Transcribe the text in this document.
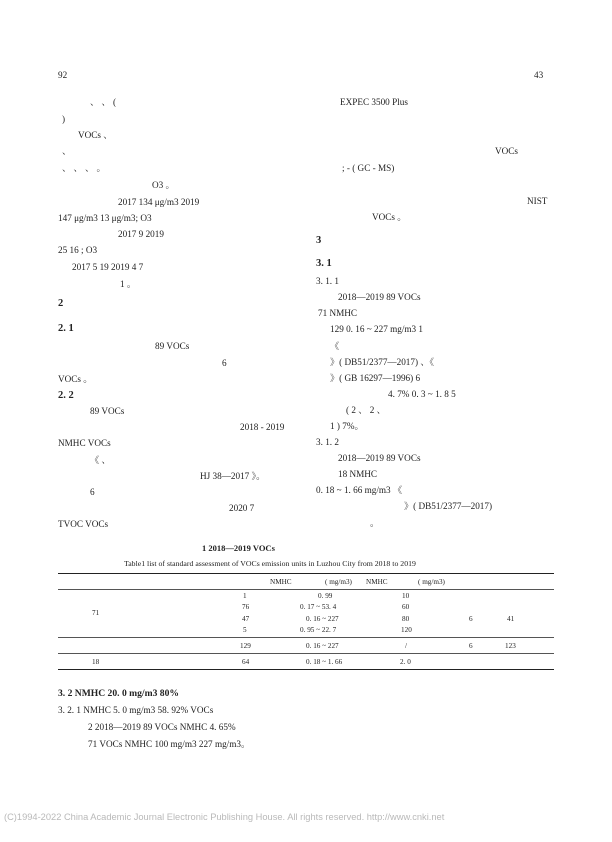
92	43
、 、 (
)
VOCs 、
、
、 、 、 。
O3 。
2017 134 μg/m3 2019
147 μg/m3 13 μg/m3; O3
2017 9 2019
25 16 ; O3
2017 5 19 2019 4 7
1 。
2
2. 1
89 VOCs
6
VOCs 。
2. 2
89 VOCs
2018 - 2019
NMHC VOCs
《 、
HJ 38—2017 》。
6
2020 7
TVOC VOCs
EXPEC 3500 Plus
VOCs
; - ( GC - MS)
NIST
VOCs 。
3
3. 1
3. 1. 1
2018—2019 89 VOCs
71 NMHC
129 0. 16 ~ 227 mg/m3 1
《
》( DB51/2377—2017) 、《
》( GB 16297—1996) 6
4. 7% 0. 3 ~ 1. 8 5
( 2 、 2 、
1 ) 7%。
3. 1. 2
2018—2019 89 VOCs
18 NMHC
0. 18 ~ 1. 66 mg/m3 《
》( DB51/2377—2017)
。
1 2018—2019 VOCs
Table1 list of standard assessment of VOCs emission units in Luzhou City from 2018 to 2019
NMHC	( mg/m3) NMHC	( mg/m3)
71
1	0. 99	10
76	0. 17 ~ 53. 4	60
47	0. 16 ~ 227	80	6	41
5	0. 95 ~ 22. 7	120
129	0. 16 ~ 227	/	6	123
18	64	0. 18 ~ 1. 66	2. 0
3. 2 NMHC 20. 0 mg/m3 80%
3. 2. 1 NMHC 5. 0 mg/m3 58. 92% VOCs
2 2018—2019 89 VOCs NMHC 4. 65%
71 VOCs NMHC 100 mg/m3 227 mg/m3。
(C)1994-2022 China Academic Journal Electronic Publishing House. All rights reserved. http://www.cnki.net
